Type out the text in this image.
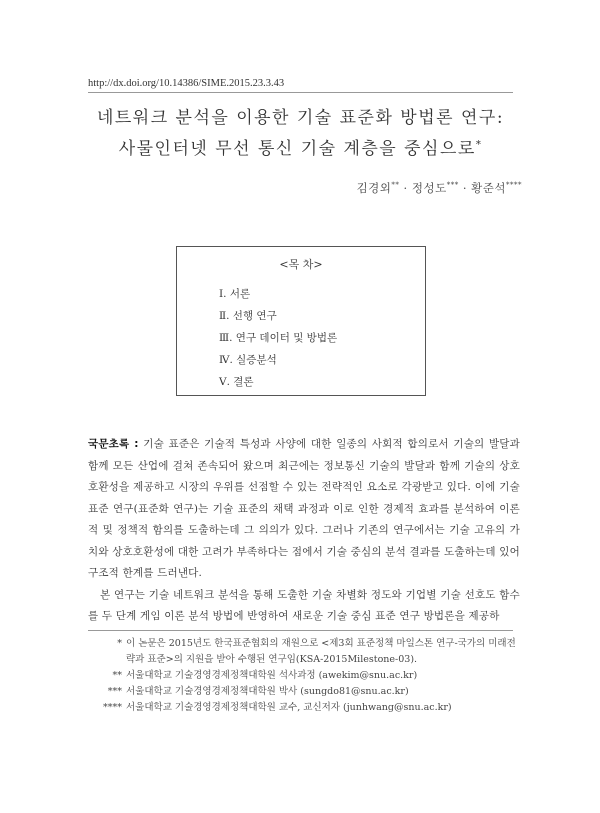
http://dx.doi.org/10.14386/SIME.2015.23.3.43
네트워크 분석을 이용한 기술 표준화 방법론 연구:
사물인터넷 무선 통신 기술 계층을 중심으로*
김경외** · 정성도*** · 황준석****
<목 차>
Ⅰ. 서론
Ⅱ. 선행 연구
Ⅲ. 연구 데이터 및 방법론
Ⅳ. 실증분석
Ⅴ. 결론

국문초록 : 기술 표준은 기술적 특성과 사양에 대한 일종의 사회적 합의로서 기술의 발달과 함께 모든 산업에 걸쳐 존속되어 왔으며 최근에는 정보통신 기술의 발달과 함께 기술의 상호호환성을 제공하고 시장의 우위를 선점할 수 있는 전략적인 요소로 각광받고 있다. 이에 기술 표준 연구(표준화 연구)는 기술 표준의 채택 과정과 이로 인한 경제적 효과를 분석하여 이론적 및 정책적 함의를 도출하는데 그 의의가 있다. 그러나 기존의 연구에서는 기술 고유의 가치와 상호호환성에 대한 고려가 부족하다는 점에서 기술 중심의 분석 결과를 도출하는데 있어 구조적 한계를 드러낸다.

본 연구는 기술 네트워크 분석을 통해 도출한 기술 차별화 정도와 기업별 기술 선호도 함수를 두 단계 게임 이론 분석 방법에 반영하여 새로운 기술 중심 표준 연구 방법론을 제공하

* 이 논문은 2015년도 한국표준협회의 재원으로 <제3회 표준정책 마일스톤 연구-국가의 미래전략과 표준>의 지원을 받아 수행된 연구임(KSA-2015Milestone-03).
** 서울대학교 기술경영경제정책대학원 석사과정 (awekim@snu.ac.kr)
*** 서울대학교 기술경영경제정책대학원 박사 (sungdo81@snu.ac.kr)
**** 서울대학교 기술경영경제정책대학원 교수, 교신저자 (junhwang@snu.ac.kr)
